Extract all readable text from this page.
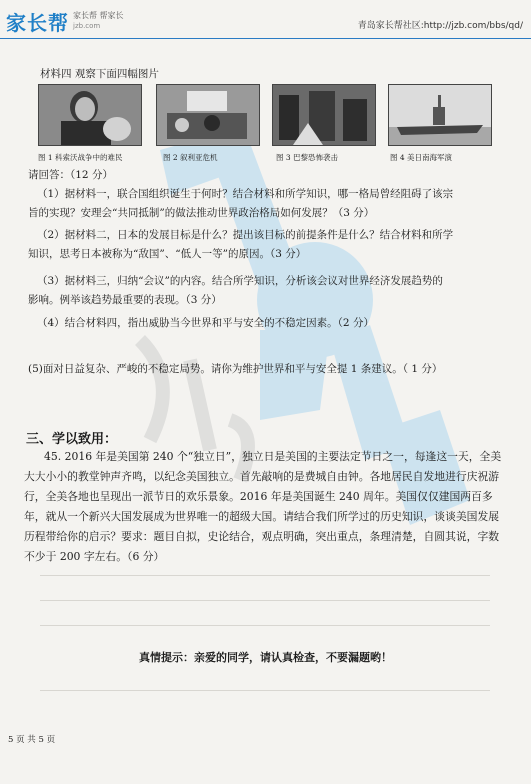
家长帮 家长帮 帮家长
jzb.com	青岛家长帮社区:http://jzb.com/bbs/qd/
材料四 观察下面四幅图片
图 1 科索沃战争中的难民	图 2 叙利亚危机	图 3 巴黎恐怖袭击	图 4 美日南海军演
请回答：（12 分）
（1）据材料一，联合国组织诞生于何时？结合材料和所学知识，哪一格局曾经阻碍了该宗
旨的实现？安理会“共同抵制”的做法推动世界政治格局如何发展？（3 分）
（2）据材料二，日本的发展目标是什么？提出该目标的前提条件是什么？结合材料和所学
知识，思考日本被称为“敌国”、“低人一等”的原因。（3 分）
（3）据材料三，归纳“会议”的内容。结合所学知识，分析该会议对世界经济发展趋势的
影响。例举该趋势最重要的表现。（3 分）
（4）结合材料四，指出威胁当今世界和平与安全的不稳定因素。（2 分）
(5)面对日益复杂、严峻的不稳定局势。请你为维护世界和平与安全提 1 条建议。（ 1 分）
三、学以致用：
45. 2016 年是美国第 240 个“独立日”，独立日是美国的主要法定节日之一，每逢这一天，全美大大小小的教堂钟声齐鸣，以纪念美国独立。首先敲响的是费城自由钟。各地居民自发地进行庆祝游行，全美各地也呈现出一派节日的欢乐景象。2016 年是美国诞生 240 周年。美国仅仅建国两百多年，就从一个新兴大国发展成为世界唯一的超级大国。请结合我们所学过的历史知识，谈谈美国发展历程带给你的启示？要求：题目自拟，史论结合，观点明确，突出重点，条理清楚，自圆其说，字数不少于 200 字左右。（6 分）
真情提示：亲爱的同学，请认真检查，不要漏题哟！
5 页 共 5 页
